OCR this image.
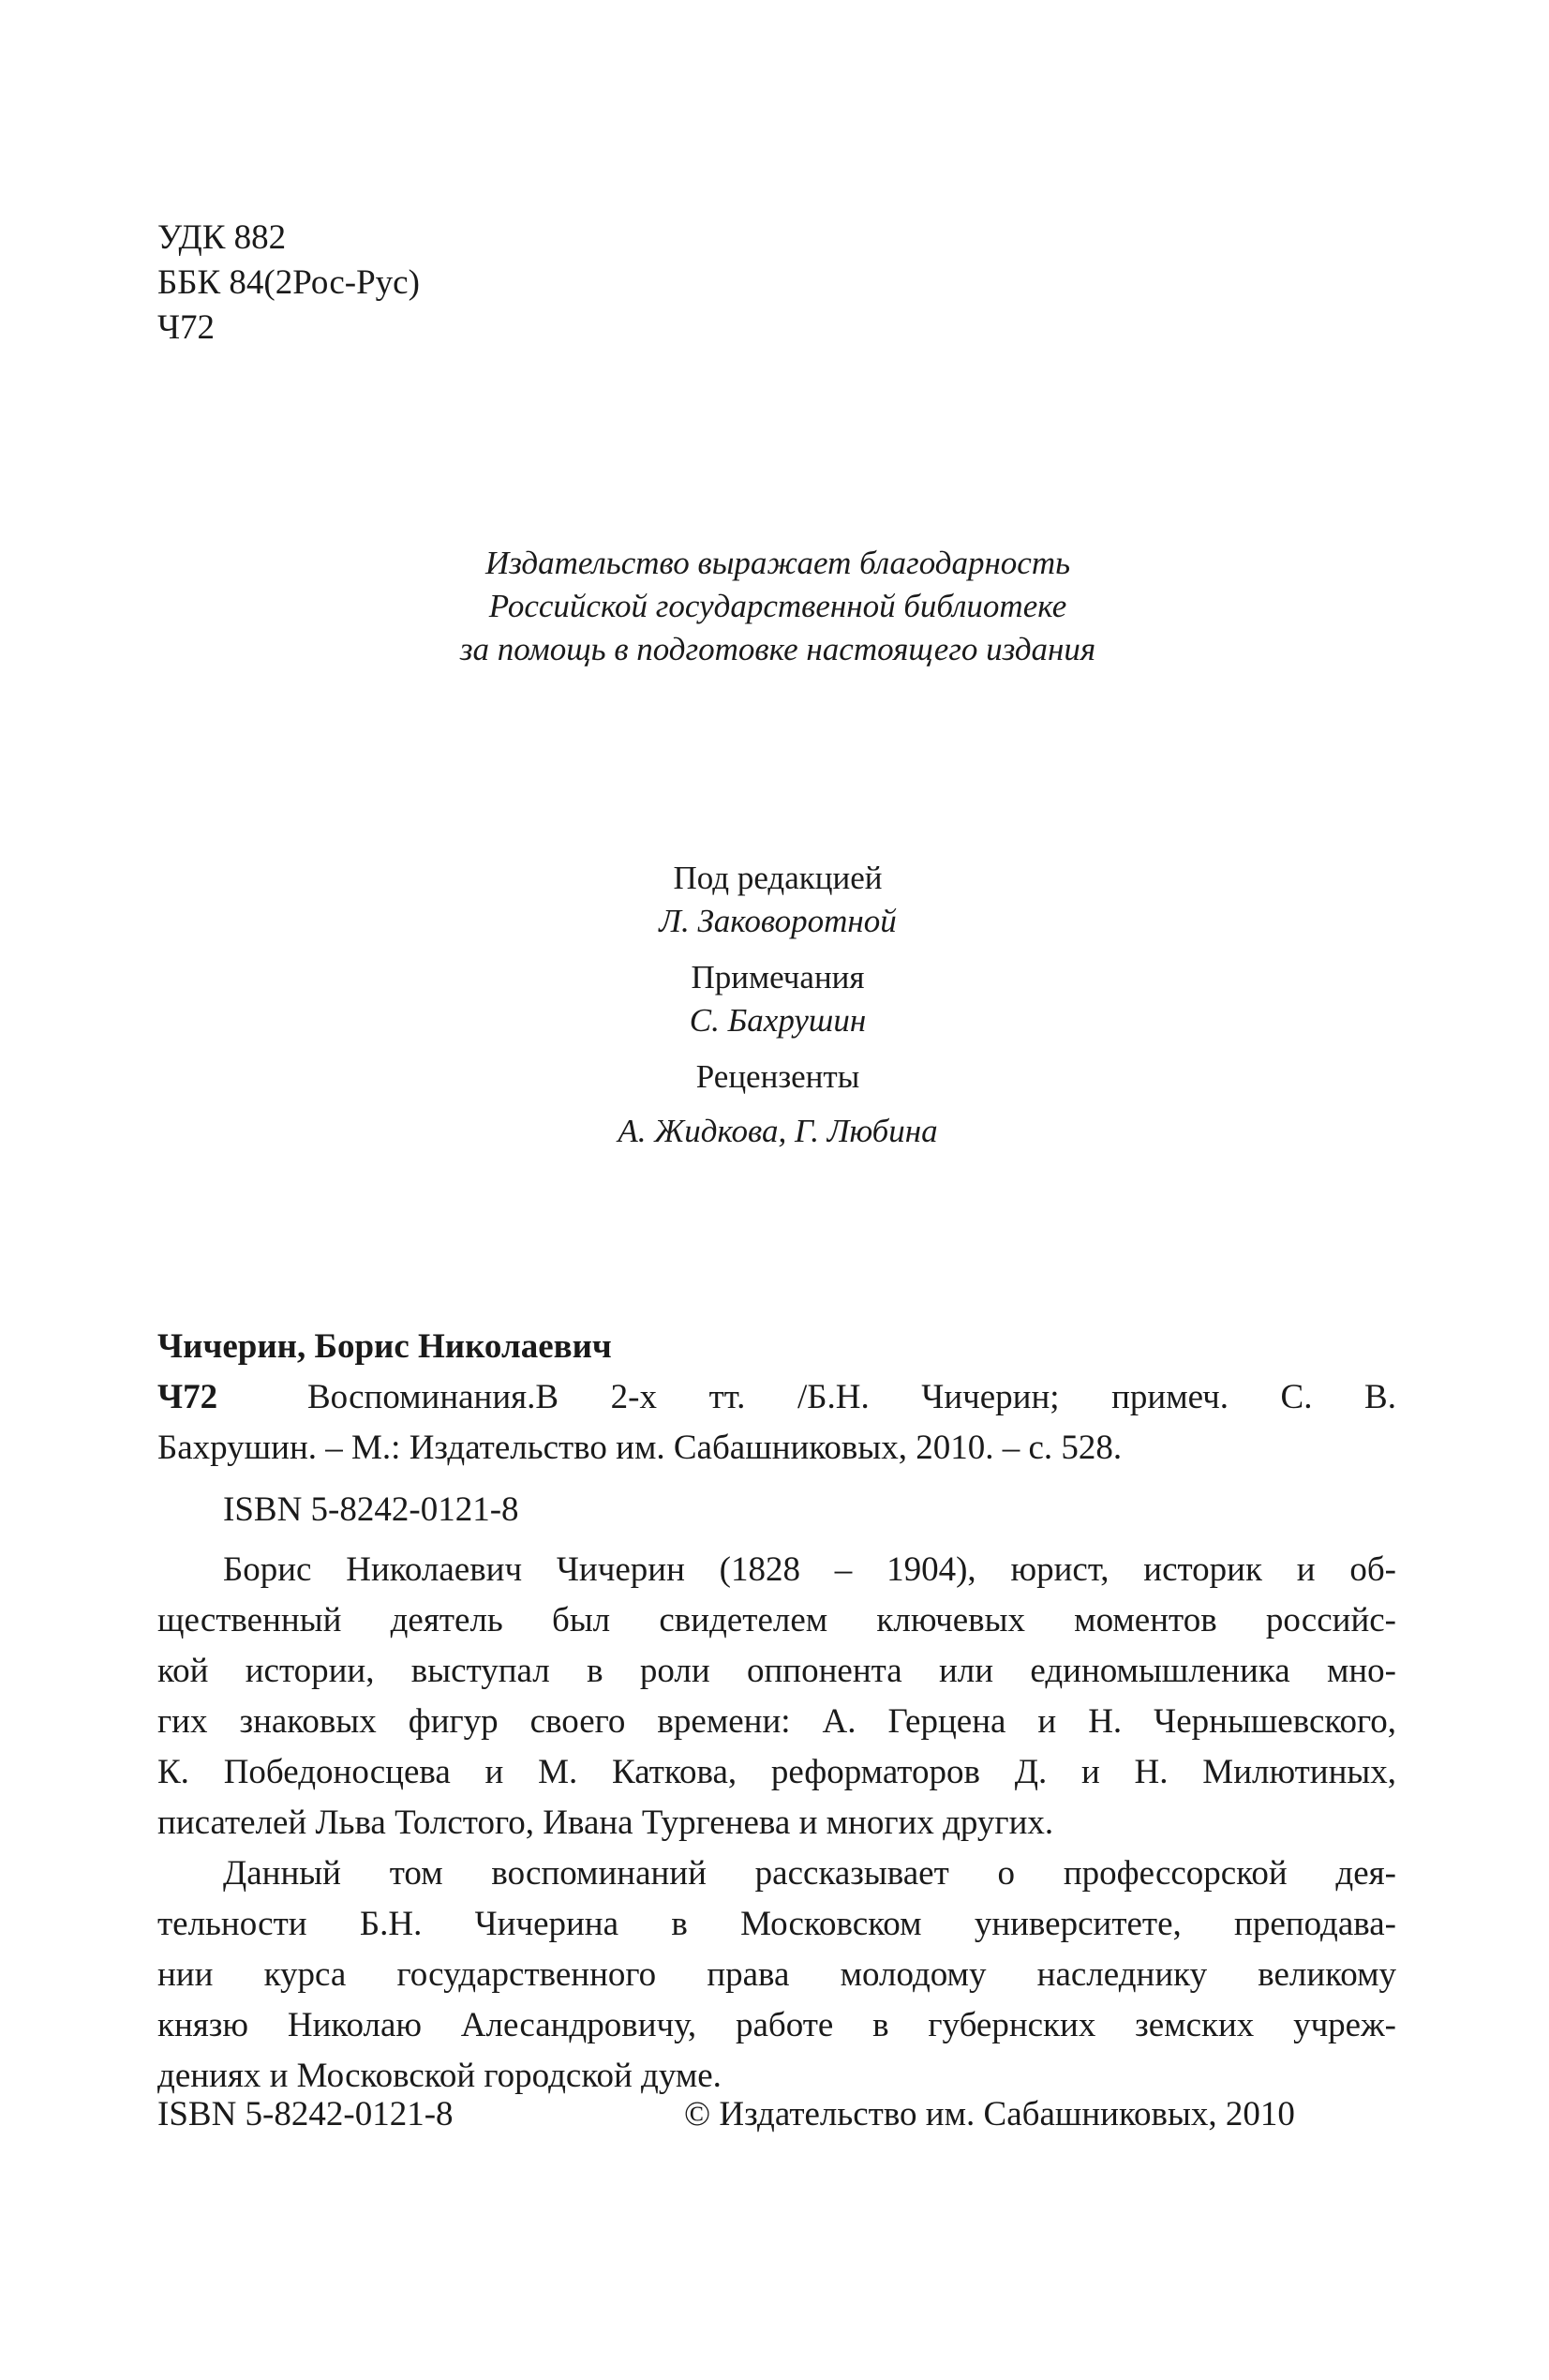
УДК 882
ББК 84(2Рос-Рус)
Ч72
Издательство выражает благодарность
Российской государственной библиотеке
за помощь в подготовке настоящего издания
Под редакцией
Л. Заковоротной
Примечания
С. Бахрушин
Рецензенты
А. Жидкова, Г. Любина
Чичерин, Борис Николаевич
Ч72	Воспоминания.В 2-х тт. /Б.Н. Чичерин; примеч. С. В.
Бахрушин. – М.: Издательство им. Сабашниковых, 2010. – с. 528.
ISBN 5-8242-0121-8
Борис Николаевич Чичерин (1828 – 1904), юрист, историк и об-
щественный деятель был свидетелем ключевых моментов российс-
кой истории, выступал в роли оппонента или единомышленика мно-
гих знаковых фигур своего времени: А. Герцена и Н. Чернышевского,
К. Победоносцева и М. Каткова, реформаторов Д. и Н. Милютиных,
писателей Льва Толстого, Ивана Тургенева и многих других.
Данный том воспоминаний рассказывает о профессорской дея-
тельности Б.Н. Чичерина в Московском университете, преподава-
нии курса государственного права молодому наследнику великому
князю Николаю Алесандровичу, работе в губернских земских учреж-
дениях и Московской городской думе.
ISBN 5-8242-0121-8	© Издательство им. Сабашниковых, 2010
